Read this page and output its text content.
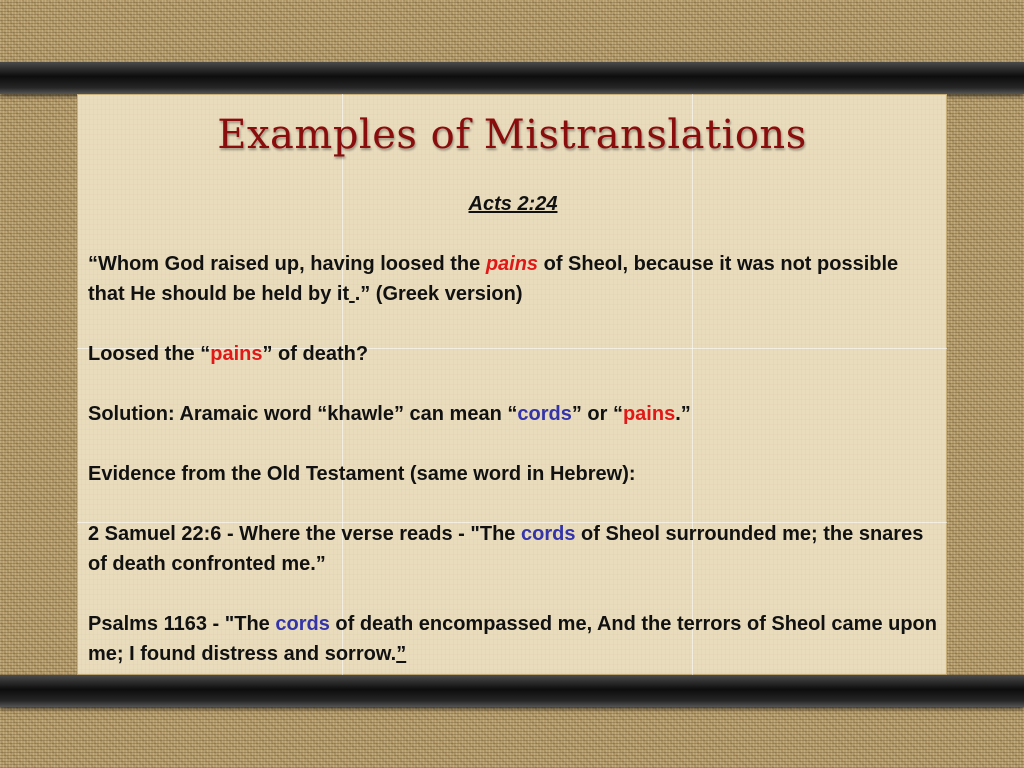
Examples of Mistranslations

Acts 2:24

“Whom God raised up, having loosed the pains of Sheol, because it was not possible that He should be held by it .” (Greek version)

Loosed the “pains” of death?

Solution: Aramaic word “khawle” can mean “cords” or “pains.”

Evidence from the Old Testament (same word in Hebrew):

2 Samuel 22:6 - Where the verse reads - "The cords of Sheol surrounded me; the snares of death confronted me.”

Psalms 1163 - "The cords of death encompassed me, And the terrors of Sheol came upon me; I found distress and sorrow.”
